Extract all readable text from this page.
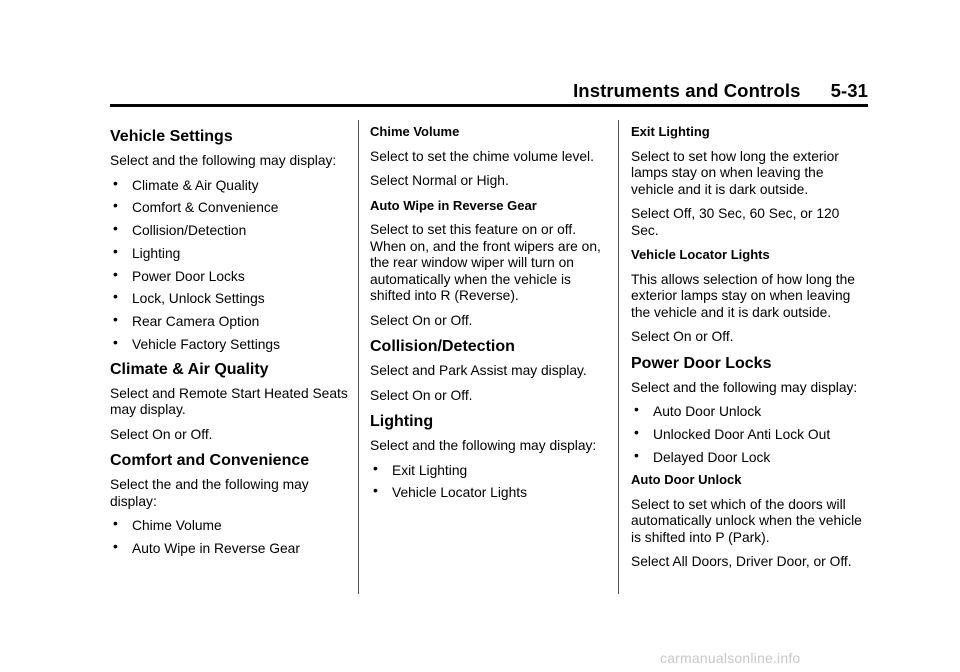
Instruments and Controls 5-31
Vehicle Settings

Select and the following may display:

• Climate & Air Quality
• Comfort & Convenience
• Collision/Detection
• Lighting
• Power Door Locks
• Lock, Unlock Settings
• Rear Camera Option
• Vehicle Factory Settings
Climate & Air Quality

Select and Remote Start Heated Seats may display.

Select On or Off.

Comfort and Convenience

Select the and the following may display:

• Chime Volume
• Auto Wipe in Reverse Gear

Chime Volume

Select to set the chime volume level.

Select Normal or High.

Auto Wipe in Reverse Gear

Select to set this feature on or off. When on, and the front wipers are on, the rear window wiper will turn on automatically when the vehicle is shifted into R (Reverse).

Select On or Off.

Collision/Detection

Select and Park Assist may display.

Select On or Off.

Lighting

Select and the following may display:

• Exit Lighting
• Vehicle Locator Lights

Exit Lighting

Select to set how long the exterior lamps stay on when leaving the vehicle and it is dark outside.

Select Off, 30 Sec, 60 Sec, or 120 Sec.

Vehicle Locator Lights

This allows selection of how long the exterior lamps stay on when leaving the vehicle and it is dark outside.

Select On or Off.

Power Door Locks

Select and the following may display:

• Auto Door Unlock
• Unlocked Door Anti Lock Out
• Delayed Door Lock

Auto Door Unlock

Select to set which of the doors will automatically unlock when the vehicle is shifted into P (Park).

Select All Doors, Driver Door, or Off.

carmanualsonline.info
